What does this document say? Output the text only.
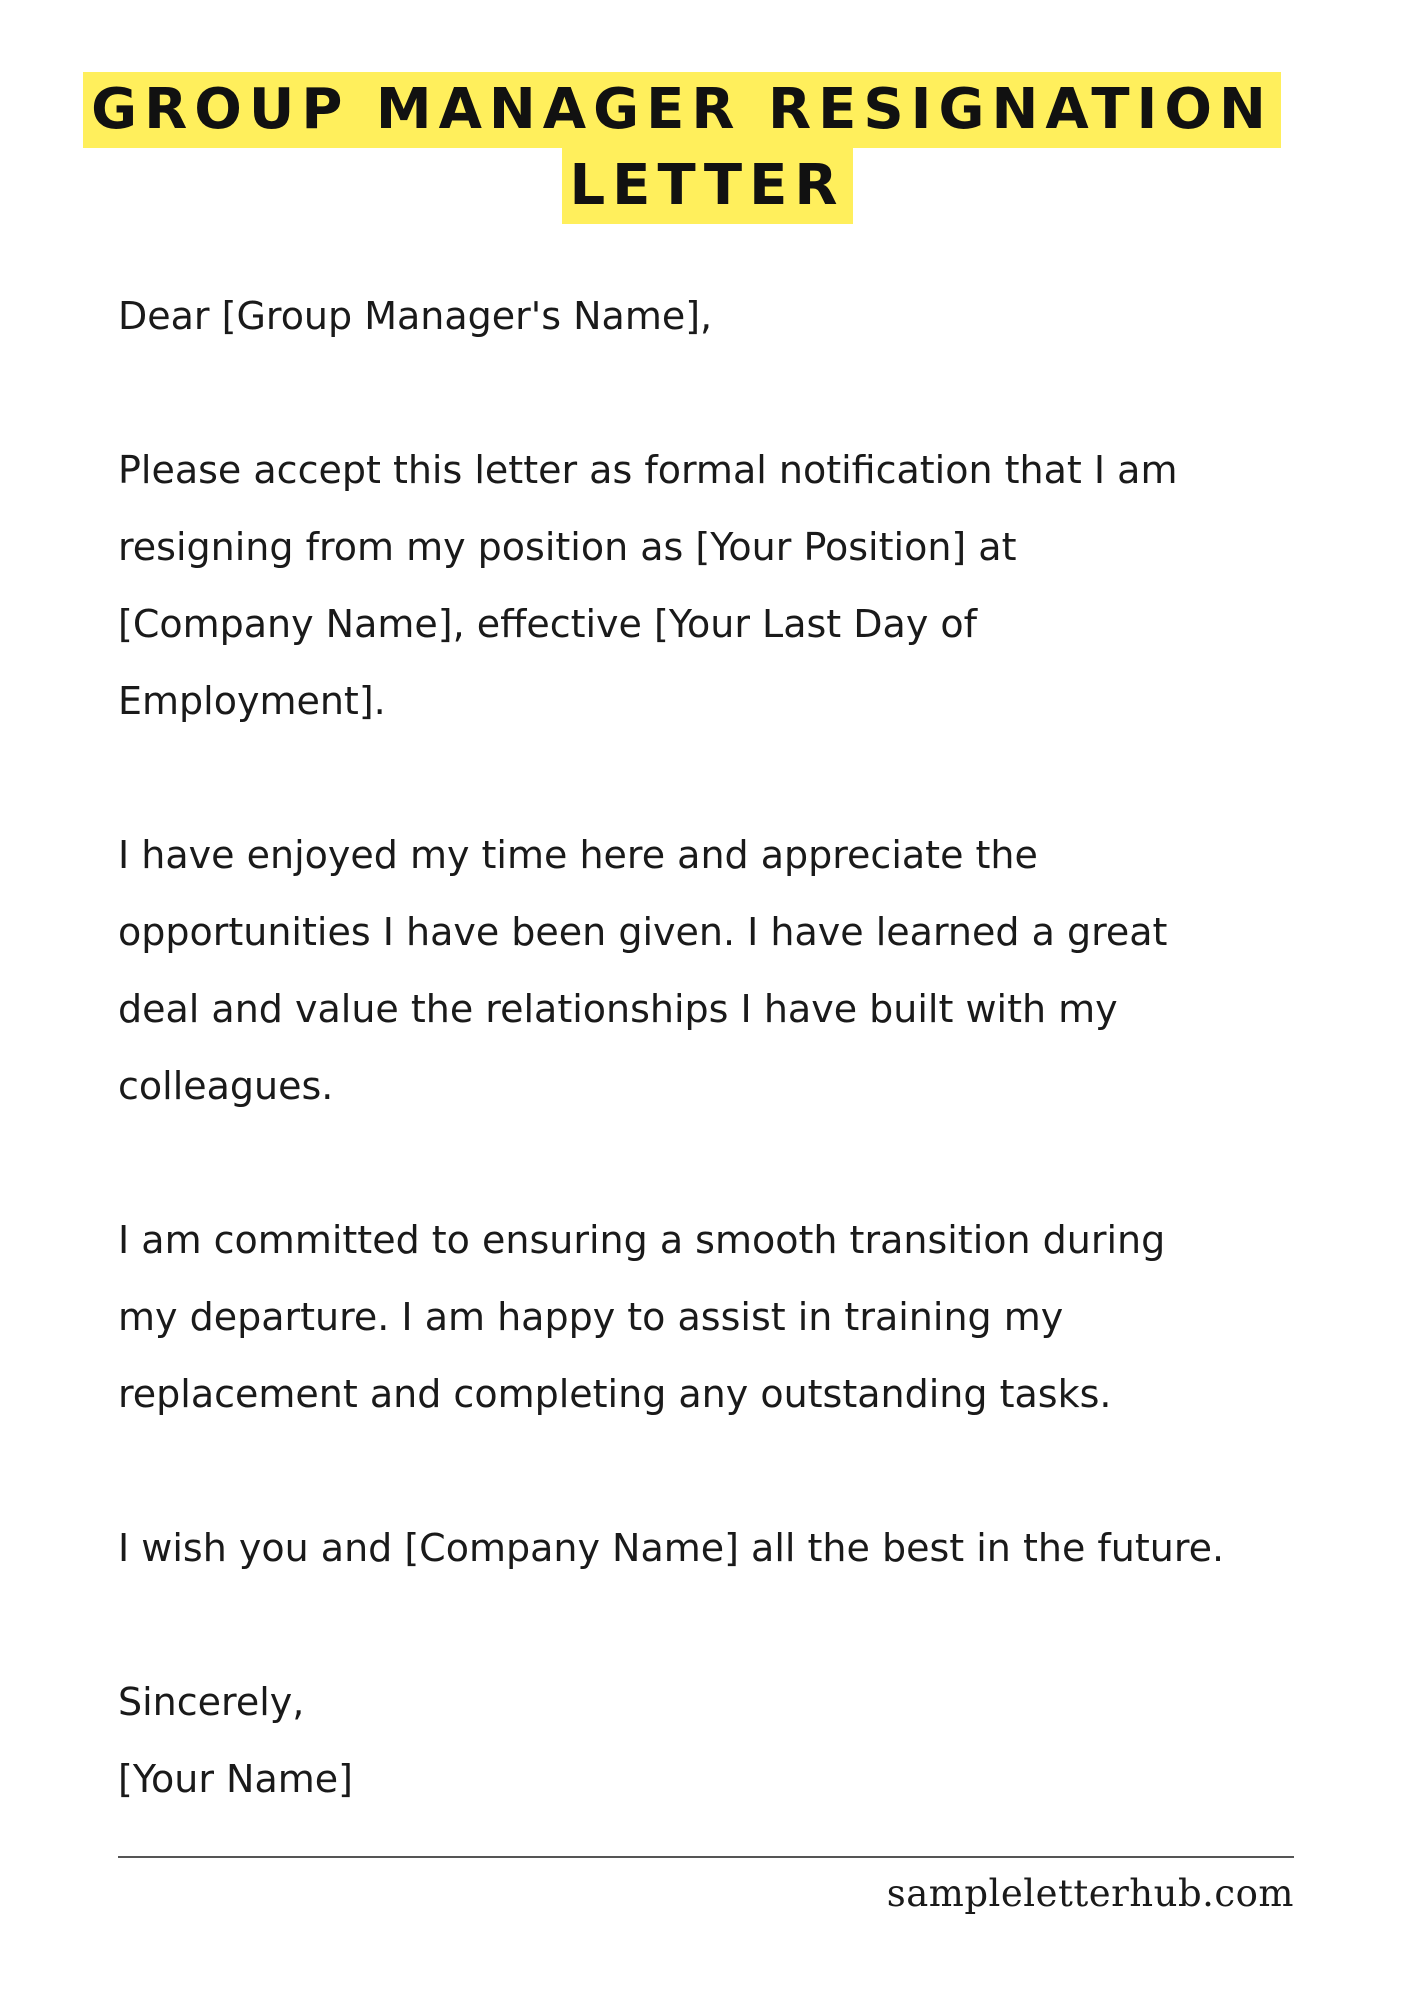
GROUP MANAGER RESIGNATION
LETTER

Dear [Group Manager's Name],

Please accept this letter as formal notification that I am

resigning from my position as [Your Position] at

[Company Name], effective [Your Last Day of

Employment].

I have enjoyed my time here and appreciate the

opportunities I have been given. I have learned a great

deal and value the relationships I have built with my

colleagues.

I am committed to ensuring a smooth transition during

my departure. I am happy to assist in training my

replacement and completing any outstanding tasks.

I wish you and [Company Name] all the best in the future.

Sincerely,

[Your Name]

sampleletterhub.com
